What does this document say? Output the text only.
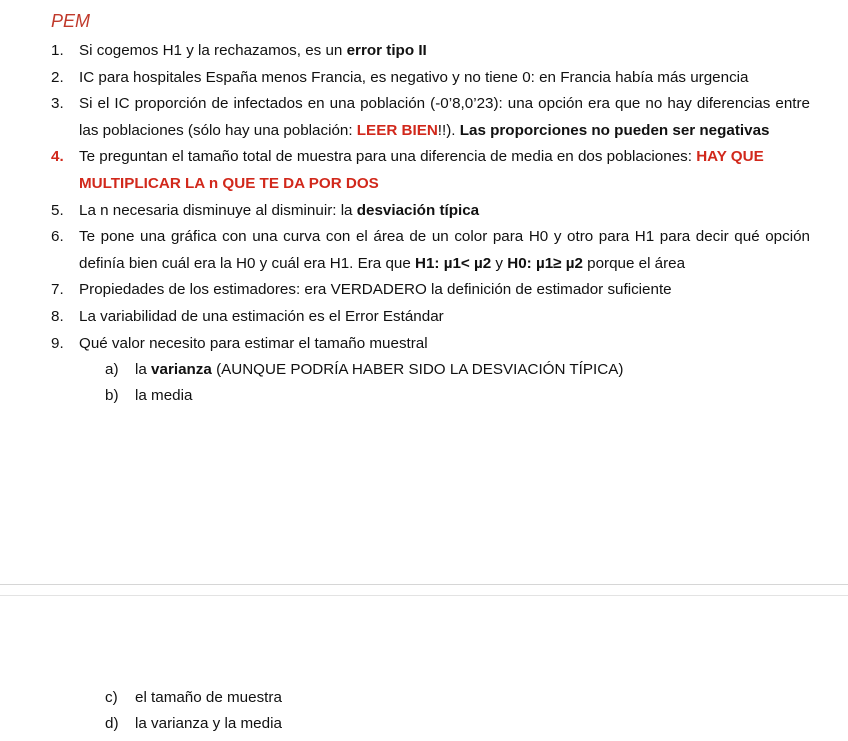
PEM
1. Si cogemos H1 y la rechazamos, es un error tipo II
2. IC para hospitales España menos Francia, es negativo y no tiene 0: en Francia había más urgencia
3. Si el IC proporción de infectados en una población (-0’8,0’23): una opción era que no hay diferencias entre las poblaciones (sólo hay una población: LEER BIEN!!). Las proporciones no pueden ser negativas
4. Te preguntan el tamaño total de muestra para una diferencia de media en dos poblaciones: HAY QUE MULTIPLICAR LA n QUE TE DA POR DOS
5. La n necesaria disminuye al disminuir: la desviación típica
6. Te pone una gráfica con una curva con el área de un color para H0 y otro para H1 para decir qué opción definía bien cuál era la H0 y cuál era H1. Era que H1: µ1< µ2 y H0: µ1≥ µ2 porque el área
7. Propiedades de los estimadores: era VERDADERO la definición de estimador suficiente
8. La variabilidad de una estimación es el Error Estándar
9. Qué valor necesito para estimar el tamaño muestral
a) la varianza (AUNQUE PODRÍA HABER SIDO LA DESVIACIÓN TÍPICA)
b) la media
c) el tamaño de muestra
d) la varianza y la media
